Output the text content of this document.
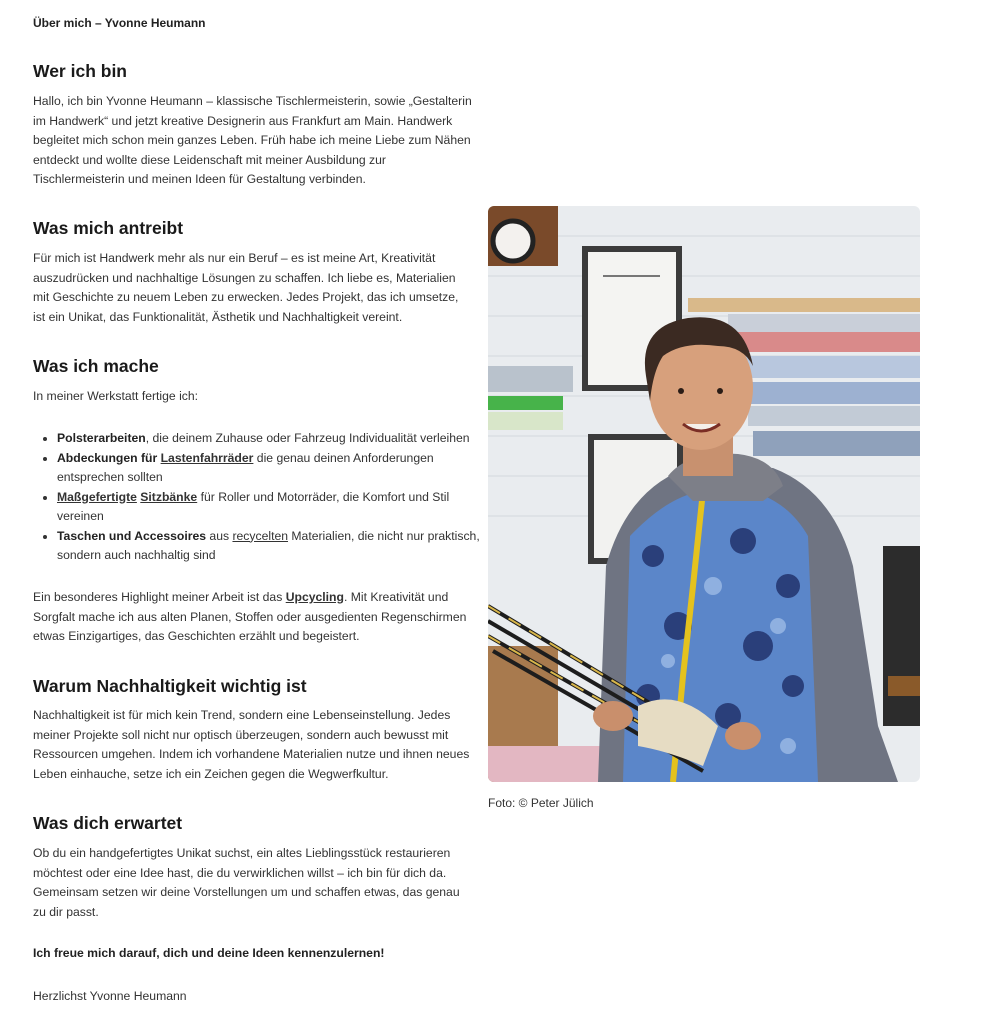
Über mich – Yvonne Heumann
Wer ich bin

Hallo, ich bin Yvonne Heumann – klassische Tischlermeisterin, sowie „Gestalterin im Handwerk“ und jetzt kreative Designerin aus Frankfurt am Main. Handwerk begleitet mich schon mein ganzes Leben. Früh habe ich meine Liebe zum Nähen entdeckt und wollte diese Leidenschaft mit meiner Ausbildung zur Tischlermeisterin und meinen Ideen für Gestaltung verbinden.

Was mich antreibt

Für mich ist Handwerk mehr als nur ein Beruf – es ist meine Art, Kreativität auszudrücken und nachhaltige Lösungen zu schaffen. Ich liebe es, Materialien mit Geschichte zu neuem Leben zu erwecken. Jedes Projekt, das ich umsetze, ist ein Unikat, das Funktionalität, Ästhetik und Nachhaltigkeit vereint.

Was ich mache

In meiner Werkstatt fertige ich:

• Polsterarbeiten, die deinem Zuhause oder Fahrzeug Individualität verleihen
• Abdeckungen für Lastenfahrräder die genau deinen Anforderungen entsprechen sollten
• Maßgefertigte Sitzbänke für Roller und Motorräder, die Komfort und Stil vereinen
• Taschen und Accessoires aus recycelten Materialien, die nicht nur praktisch, sondern auch nachhaltig sind

Ein besonderes Highlight meiner Arbeit ist das Upcycling. Mit Kreativität und Sorgfalt mache ich aus alten Planen, Stoffen oder ausgedienten Regenschirmen etwas Einzigartiges, das Geschichten erzählt und begeistert.

Warum Nachhaltigkeit wichtig ist

Nachhaltigkeit ist für mich kein Trend, sondern eine Lebenseinstellung. Jedes meiner Projekte soll nicht nur optisch überzeugen, sondern auch bewusst mit Ressourcen umgehen. Indem ich vorhandene Materialien nutze und ihnen neues Leben einhauche, setze ich ein Zeichen gegen die Wegwerfkultur.

Was dich erwartet

Ob du ein handgefertigtes Unikat suchst, ein altes Lieblingsstück restaurieren möchtest oder eine Idee hast, die du verwirklichen willst – ich bin für dich da. Gemeinsam setzen wir deine Vorstellungen um und schaffen etwas, das genau zu dir passt.

Ich freue mich darauf, dich und deine Ideen kennenzulernen!

Herzlichst Yvonne Heumann

Foto: © Peter Jülich
